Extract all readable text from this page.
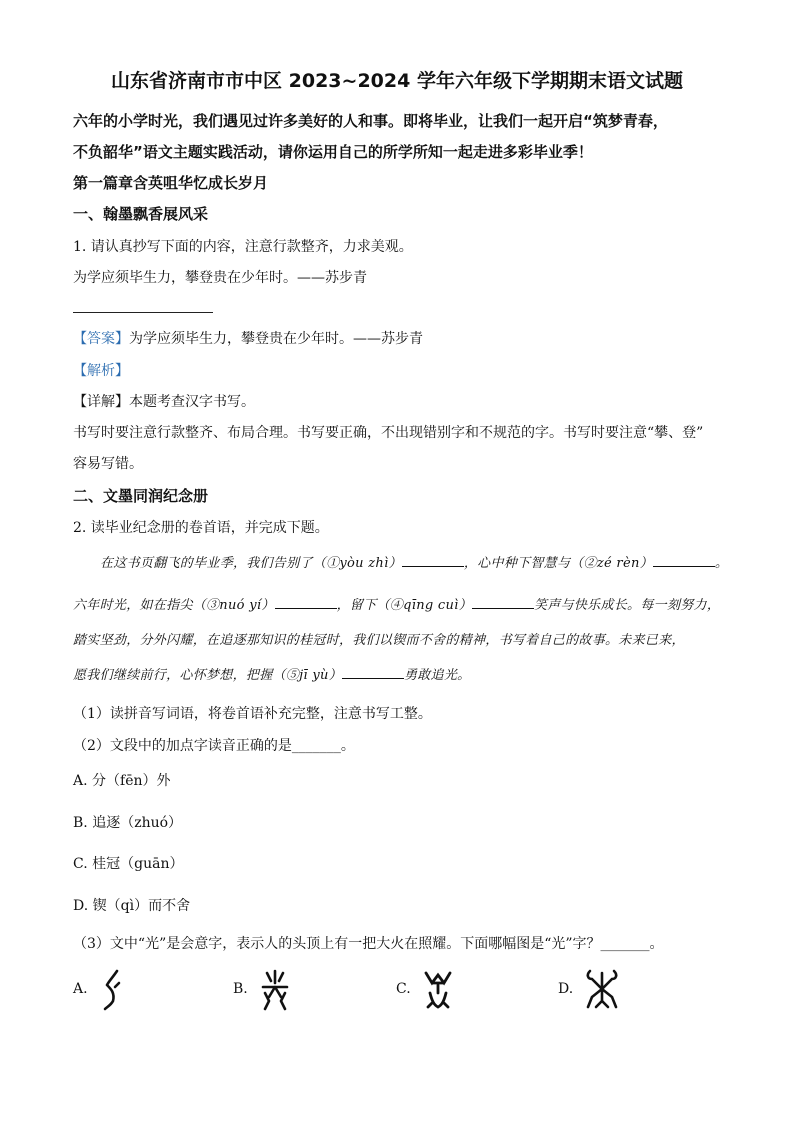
山东省济南市市中区 2023~2024 学年六年级下学期期末语文试题
六年的小学时光，我们遇见过许多美好的人和事。即将毕业，让我们一起开启“筑梦青春，
不负韶华”语文主题实践活动，请你运用自己的所学所知一起走进多彩毕业季！
第一篇章含英咀华忆成长岁月
一、翰墨飘香展风采
1. 请认真抄写下面的内容，注意行款整齐，力求美观。
为学应须毕生力，攀登贵在少年时。——苏步青
【答案】为学应须毕生力，攀登贵在少年时。——苏步青
【解析】
【详解】本题考查汉字书写。
书写时要注意行款整齐、布局合理。书写要正确，不出现错别字和不规范的字。书写时要注意“攀、登”
容易写错。
二、文墨同润纪念册
2. 读毕业纪念册的卷首语，并完成下题。
在这书页翻飞的毕业季，我们告别了（①yòu zhì）	，心中种下智慧与（②zé rèn）	。
六年时光，如在指尖（③nuó yí）	，留下（④qīng cuì）	笑声与快乐成长。每一刻努力，
踏实坚劲，分外闪耀，在追逐那知识的桂冠时，我们以锲而不舍的精神，书写着自己的故事。未来已来，
愿我们继续前行，心怀梦想，把握（⑤jī yù）	勇敢追光。
（1）读拼音写词语，将卷首语补充完整，注意书写工整。
（2）文段中的加点字读音正确的是_______。
A. 分（fēn）外
B. 追逐（zhuó）
C. 桂冠（guān）
D. 锲（qì）而不舍
（3）文中“光”是会意字，表示人的头顶上有一把大火在照耀。下面哪幅图是“光”字？_______。
A.	B.	C.	D.
